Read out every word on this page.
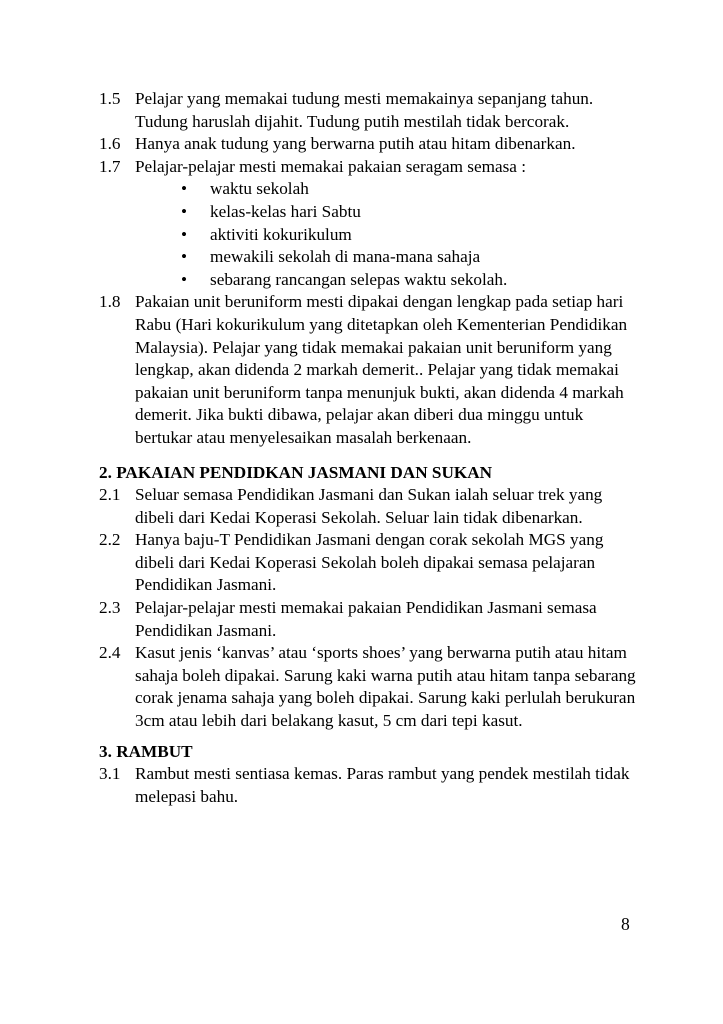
1.5 Pelajar yang memakai tudung mesti memakainya sepanjang tahun. Tudung haruslah dijahit. Tudung putih mestilah tidak bercorak.
1.6 Hanya anak tudung yang berwarna putih atau hitam dibenarkan.
1.7 Pelajar-pelajar mesti memakai pakaian seragam semasa :
• waktu sekolah
• kelas-kelas hari Sabtu
• aktiviti kokurikulum
• mewakili sekolah di mana-mana sahaja
• sebarang rancangan selepas waktu sekolah.
1.8 Pakaian unit beruniform mesti dipakai dengan lengkap pada setiap hari Rabu (Hari kokurikulum yang ditetapkan oleh Kementerian Pendidikan Malaysia). Pelajar yang tidak memakai pakaian unit beruniform yang lengkap, akan didenda 2 markah demerit.. Pelajar yang tidak memakai pakaian unit beruniform tanpa menunjuk bukti, akan didenda 4 markah demerit. Jika bukti dibawa, pelajar akan diberi dua minggu untuk bertukar atau menyelesaikan masalah berkenaan.
2. PAKAIAN PENDIDKAN JASMANI DAN SUKAN
2.1 Seluar semasa Pendidikan Jasmani dan Sukan ialah seluar trek yang dibeli dari Kedai Koperasi Sekolah. Seluar lain tidak dibenarkan.
2.2 Hanya baju-T Pendidikan Jasmani dengan corak sekolah MGS yang dibeli dari Kedai Koperasi Sekolah boleh dipakai semasa pelajaran Pendidikan Jasmani.
2.3 Pelajar-pelajar mesti memakai pakaian Pendidikan Jasmani semasa Pendidikan Jasmani.
2.4 Kasut jenis ‘kanvas’ atau ‘sports shoes’ yang berwarna putih atau hitam sahaja boleh dipakai. Sarung kaki warna putih atau hitam tanpa sebarang corak jenama sahaja yang boleh dipakai. Sarung kaki perlulah berukuran 3cm atau lebih dari belakang kasut, 5 cm dari tepi kasut.
3. RAMBUT
3.1 Rambut mesti sentiasa kemas. Paras rambut yang pendek mestilah tidak melepasi bahu.
8
